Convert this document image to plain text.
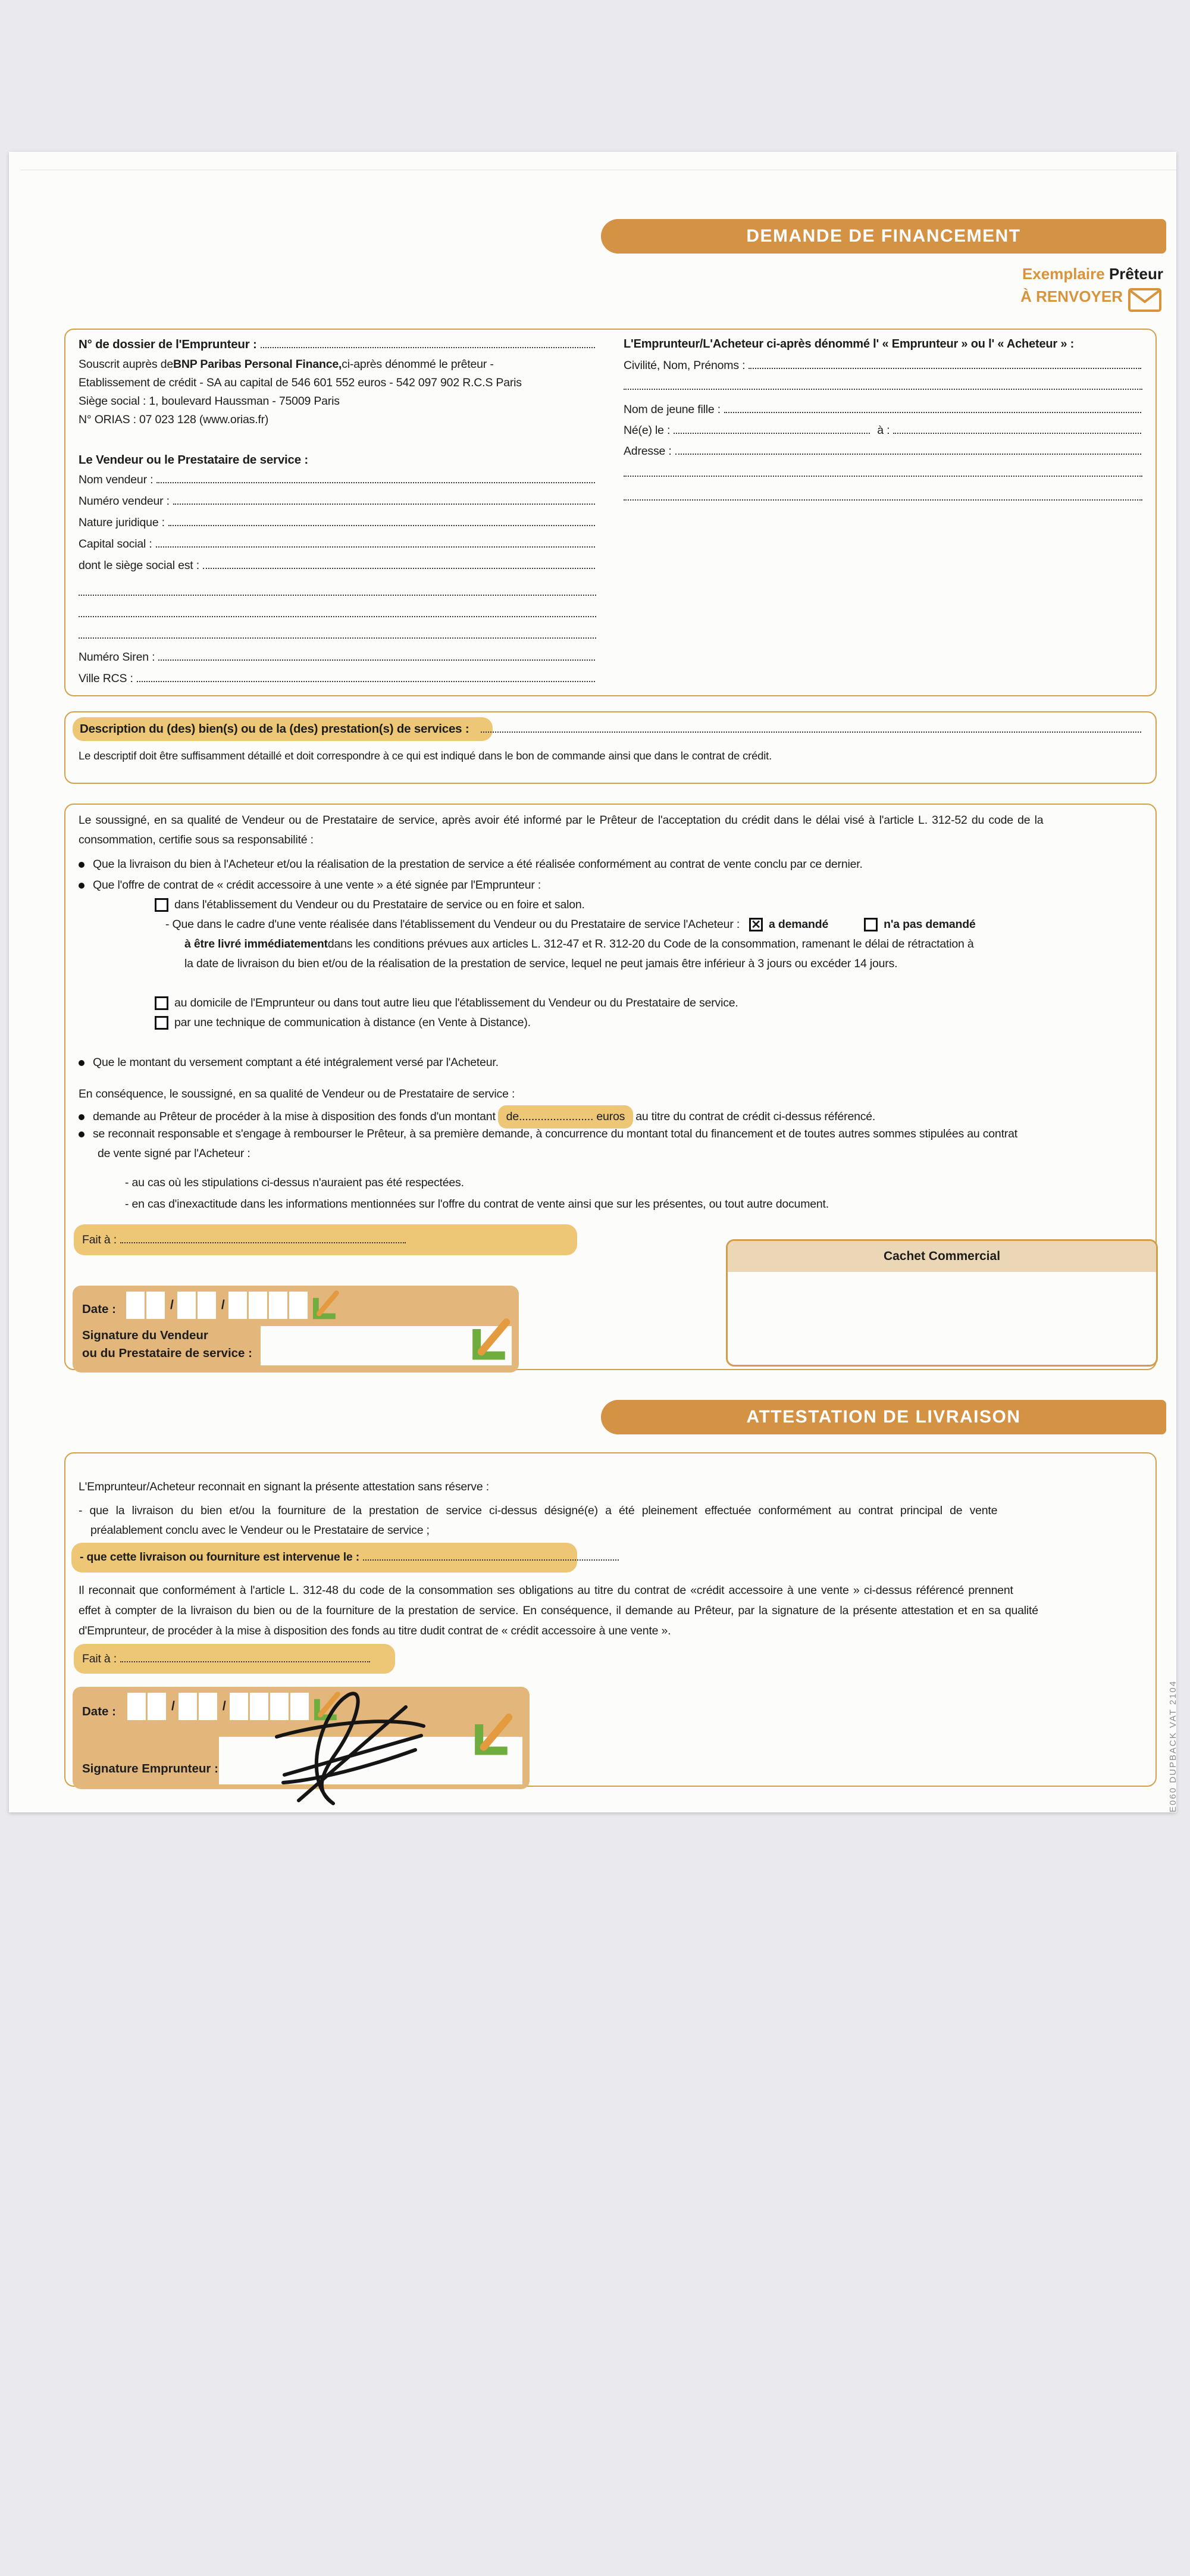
DEMANDE DE FINANCEMENT
Exemplaire Prêteur
À RENVOYER
N° de dossier de l'Emprunteur :
Souscrit auprès de BNP Paribas Personal Finance, ci-après dénommé le prêteur -
Etablissement de crédit - SA au capital de 546 601 552 euros - 542 097 902 R.C.S Paris
Siège social : 1, boulevard Haussman - 75009 Paris
N° ORIAS : 07 023 128 (www.orias.fr)
Le Vendeur ou le Prestataire de service :
Nom vendeur :
Numéro vendeur :
Nature juridique :
Capital social :
dont le siège social est :
Numéro Siren :
Ville RCS :
L'Emprunteur/L'Acheteur ci-après dénommé l' « Emprunteur » ou l' « Acheteur » :
Civilité, Nom, Prénoms :
Nom de jeune fille :
Né(e) le :	à :
Adresse :
Description du (des) bien(s) ou de la (des) prestation(s) de services :
Le descriptif doit être suffisamment détaillé et doit correspondre à ce qui est indiqué dans le bon de commande ainsi que dans le contrat de crédit.
Le soussigné, en sa qualité de Vendeur ou de Prestataire de service, après avoir été informé par le Prêteur de l'acceptation du crédit dans le délai visé à l'article L. 312-52 du code de la
consommation, certifie sous sa responsabilité :
Que la livraison du bien à l'Acheteur et/ou la réalisation de la prestation de service a été réalisée conformément au contrat de vente conclu par ce dernier.
Que l'offre de contrat de « crédit accessoire à une vente » a été signée par l'Emprunteur :
dans l'établissement du Vendeur ou du Prestataire de service ou en foire et salon.
- Que dans le cadre d'une vente réalisée dans l'établissement du Vendeur ou du Prestataire de service l'Acheteur : ✕ a demandé	n'a pas demandé
à être livré immédiatement dans les conditions prévues aux articles L. 312-47 et R. 312-20 du Code de la consommation, ramenant le délai de rétractation à
la date de livraison du bien et/ou de la réalisation de la prestation de service, lequel ne peut jamais être inférieur à 3 jours ou excéder 14 jours.
au domicile de l'Emprunteur ou dans tout autre lieu que l'établissement du Vendeur ou du Prestataire de service.
par une technique de communication à distance (en Vente à Distance).
Que le montant du versement comptant a été intégralement versé par l'Acheteur.
En conséquence, le soussigné, en sa qualité de Vendeur ou de Prestataire de service :
demande au Prêteur de procéder à la mise à disposition des fonds d'un montant de........................ euros au titre du contrat de crédit ci-dessus référencé.
se reconnait responsable et s'engage à rembourser le Prêteur, à sa première demande, à concurrence du montant total du financement et de toutes autres sommes stipulées au contrat
de vente signé par l'Acheteur :
- au cas où les stipulations ci-dessus n'auraient pas été respectées.
- en cas d'inexactitude dans les informations mentionnées sur l'offre du contrat de vente ainsi que sur les présentes, ou tout autre document.
Fait à :
Date :	/	/
Signature du Vendeur
ou du Prestataire de service :
Cachet Commercial
ATTESTATION DE LIVRAISON
L'Emprunteur/Acheteur reconnait en signant la présente attestation sans réserve :
- que la livraison du bien et/ou la fourniture de la prestation de service ci-dessus désigné(e) a été pleinement effectuée conformément au contrat principal de vente
préalablement conclu avec le Vendeur ou le Prestataire de service ;
- que cette livraison ou fourniture est intervenue le :
Il reconnait que conformément à l'article L. 312-48 du code de la consommation ses obligations au titre du contrat de «crédit accessoire à une vente » ci-dessus référencé prennent
effet à compter de la livraison du bien ou de la fourniture de la prestation de service. En conséquence, il demande au Prêteur, par la signature de la présente attestation et en sa qualité
d'Emprunteur, de procéder à la mise à disposition des fonds au titre dudit contrat de « crédit accessoire à une vente ».
Fait à :
Date :	/	/
Signature Emprunteur :	E060 DUPBACK VAT 2104
